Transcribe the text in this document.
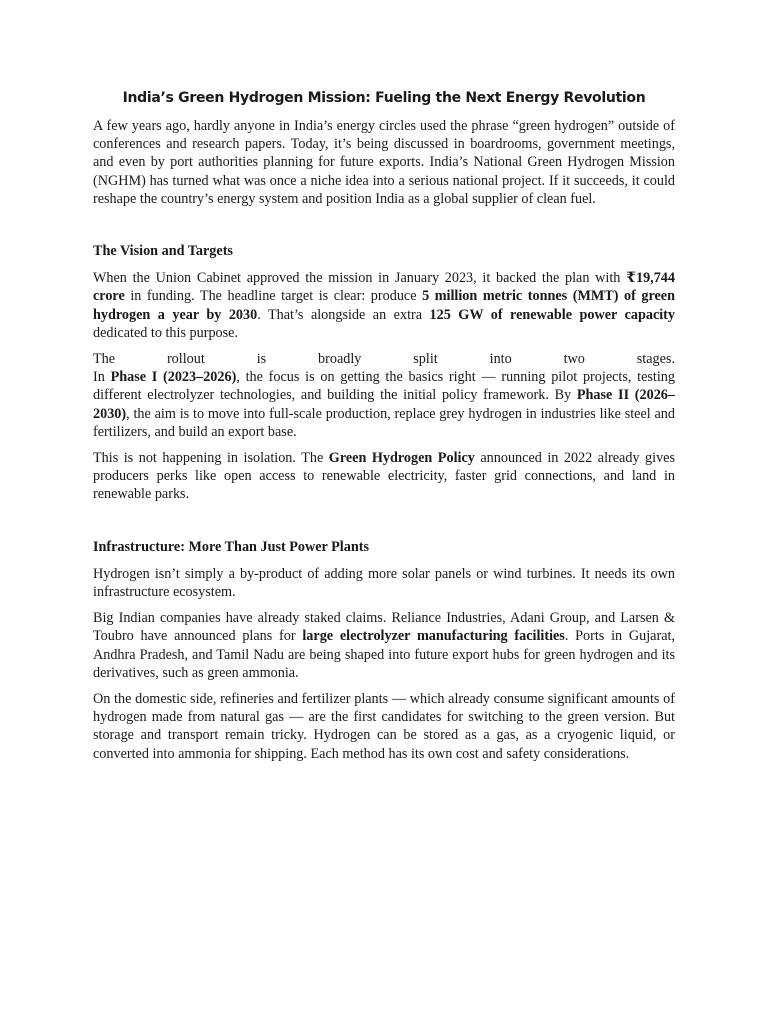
India’s Green Hydrogen Mission: Fueling the Next Energy Revolution

A few years ago, hardly anyone in India’s energy circles used the phrase “green hydrogen” outside of conferences and research papers. Today, it’s being discussed in boardrooms, government meetings, and even by port authorities planning for future exports. India’s National Green Hydrogen Mission (NGHM) has turned what was once a niche idea into a serious national project. If it succeeds, it could reshape the country’s energy system and position India as a global supplier of clean fuel.

The Vision and Targets

When the Union Cabinet approved the mission in January 2023, it backed the plan with ₹19,744 crore in funding. The headline target is clear: produce 5 million metric tonnes (MMT) of green hydrogen a year by 2030. That’s alongside an extra 125 GW of renewable power capacity dedicated to this purpose.

The	rollout	is	broadly	split	into	two	stages.
In Phase I (2023–2026), the focus is on getting the basics right — running pilot projects, testing different electrolyzer technologies, and building the initial policy framework. By Phase II (2026–2030), the aim is to move into full-scale production, replace grey hydrogen in industries like steel and fertilizers, and build an export base.

This is not happening in isolation. The Green Hydrogen Policy announced in 2022 already gives producers perks like open access to renewable electricity, faster grid connections, and land in renewable parks.

Infrastructure: More Than Just Power Plants

Hydrogen isn’t simply a by-product of adding more solar panels or wind turbines. It needs its own infrastructure ecosystem.

Big Indian companies have already staked claims. Reliance Industries, Adani Group, and Larsen & Toubro have announced plans for large electrolyzer manufacturing facilities. Ports in Gujarat, Andhra Pradesh, and Tamil Nadu are being shaped into future export hubs for green hydrogen and its derivatives, such as green ammonia.

On the domestic side, refineries and fertilizer plants — which already consume significant amounts of hydrogen made from natural gas — are the first candidates for switching to the green version. But storage and transport remain tricky. Hydrogen can be stored as a gas, as a cryogenic liquid, or converted into ammonia for shipping. Each method has its own cost and safety considerations.
